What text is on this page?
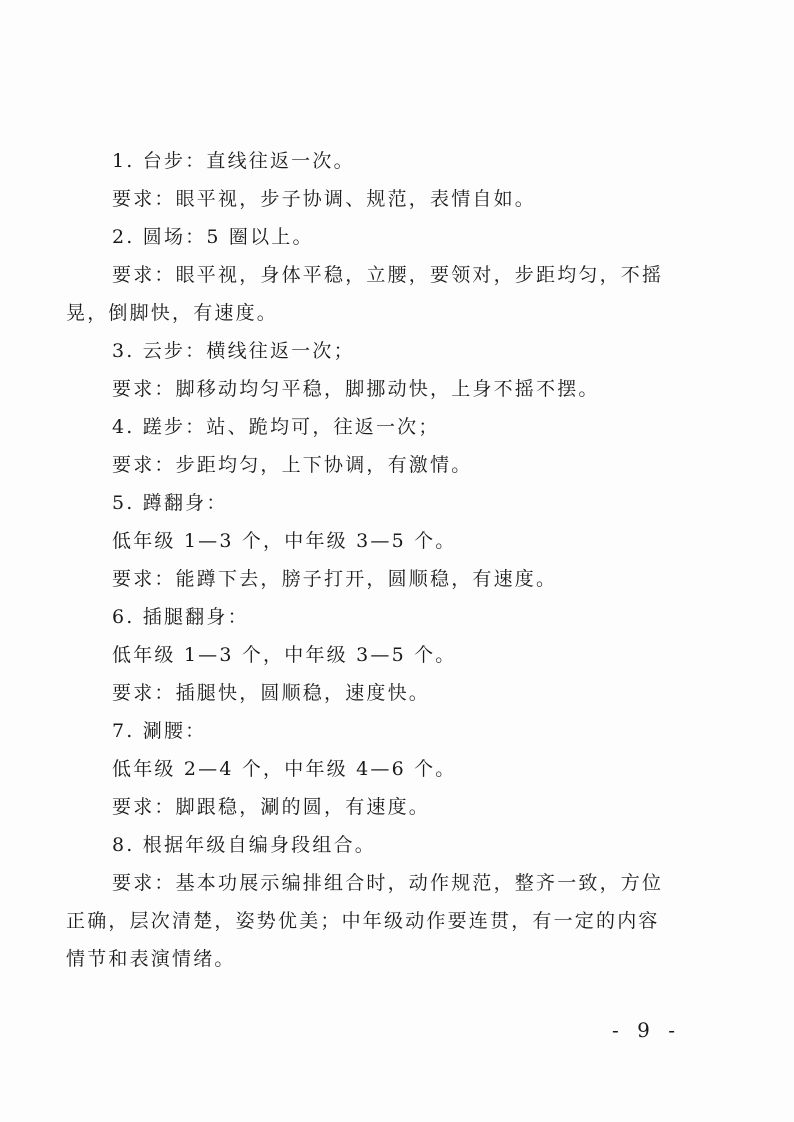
1. 台步：直线往返一次。
要求：眼平视，步子协调、规范，表情自如。
2. 圆场：5 圈以上。
要求：眼平视，身体平稳，立腰，要领对，步距均匀，不摇
晃，倒脚快，有速度。
3. 云步：横线往返一次；
要求：脚移动均匀平稳，脚挪动快，上身不摇不摆。
4. 蹉步：站、跪均可，往返一次；
要求：步距均匀，上下协调，有激情。
5. 蹲翻身：
低年级 1—3 个，中年级 3—5 个。
要求：能蹲下去，膀子打开，圆顺稳，有速度。
6. 插腿翻身：
低年级 1—3 个，中年级 3—5 个。
要求：插腿快，圆顺稳，速度快。
7. 涮腰：
低年级 2—4 个，中年级 4—6 个。
要求：脚跟稳，涮的圆，有速度。
8. 根据年级自编身段组合。
要求：基本功展示编排组合时，动作规范，整齐一致，方位
正确，层次清楚，姿势优美；中年级动作要连贯，有一定的内容
情节和表演情绪。
- 9 -
